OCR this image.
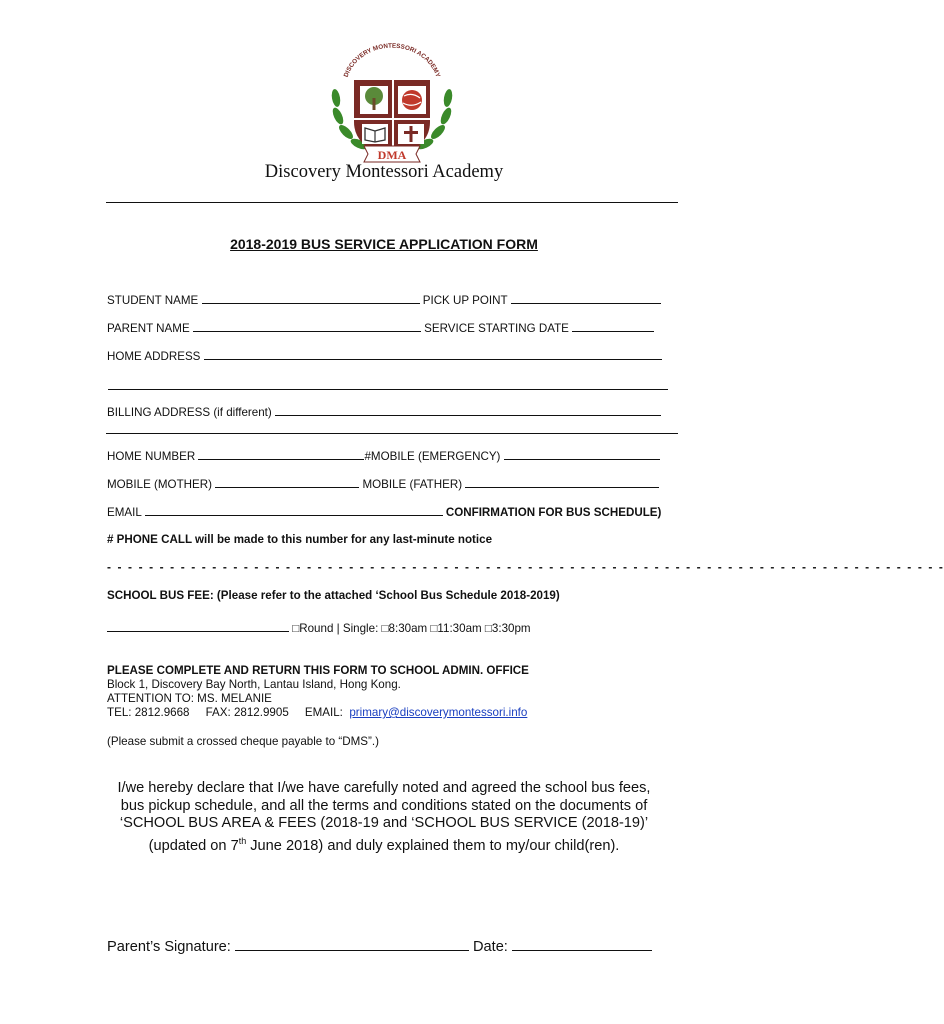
DISCOVERY MONTESSORI ACADEMY
DMA
Discovery Montessori Academy
2018-2019 BUS SERVICE APPLICATION FORM
STUDENT NAME	PICK UP POINT
PARENT NAME	SERVICE STARTING DATE
HOME ADDRESS
BILLING ADDRESS (if different)
HOME NUMBER	#MOBILE (EMERGENCY)
MOBILE (MOTHER)	MOBILE (FATHER)
EMAIL	CONFIRMATION FOR BUS SCHEDULE)
# PHONE CALL will be made to this number for any last-minute notice
- - - - - - - - - - - - - - - - - - - - - - - - - - - - - - - - - - - - - - - - - - - - - - - - - - - - - - - - - - - - - - - - - - - - - - - - - - - - - - - -
SCHOOL BUS FEE: (Please refer to the attached ‘School Bus Schedule 2018-2019)
□Round | Single: □8:30am □11:30am □3:30pm
PLEASE COMPLETE AND RETURN THIS FORM TO SCHOOL ADMIN. OFFICE
Block 1, Discovery Bay North, Lantau Island, Hong Kong.
ATTENTION TO: MS. MELANIE
TEL: 2812.9668     FAX: 2812.9905     EMAIL:  primary@discoverymontessori.info
(Please submit a crossed cheque payable to “DMS”.)
I/we hereby declare that I/we have carefully noted and agreed the school bus fees,
bus pickup schedule, and all the terms and conditions stated on the documents of
‘SCHOOL BUS AREA & FEES (2018-19 and ‘SCHOOL BUS SERVICE (2018-19)’
(updated on 7th June 2018) and duly explained them to my/our child(ren).
Parent’s Signature:	Date:
